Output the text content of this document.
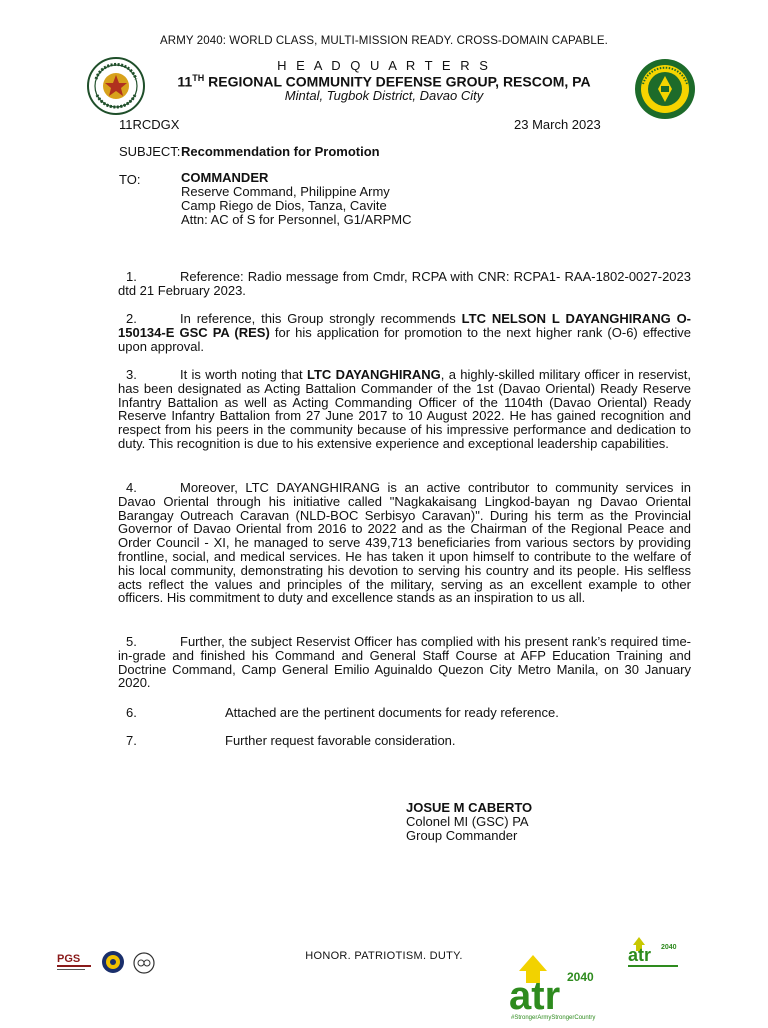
ARMY 2040: WORLD CLASS, MULTI-MISSION READY. CROSS-DOMAIN CAPABLE.
H E A D Q U A R T E R S
11TH REGIONAL COMMUNITY DEFENSE GROUP, RESCOM, PA
Mintal, Tugbok District, Davao City
11RCDGX	23 March 2023
SUBJECT: Recommendation for Promotion
TO:	COMMANDER
Reserve Command, Philippine Army
Camp Riego de Dios, Tanza, Cavite
Attn: AC of S for Personnel, G1/ARPMC
1.	Reference: Radio message from Cmdr, RCPA with CNR: RCPA1- RAA-1802-0027-2023 dtd 21 February 2023.
2.	In reference, this Group strongly recommends LTC NELSON L DAYANGHIRANG O-150134-E GSC PA (RES) for his application for promotion to the next higher rank (O-6) effective upon approval.
3.	It is worth noting that LTC DAYANGHIRANG, a highly-skilled military officer in reservist, has been designated as Acting Battalion Commander of the 1st (Davao Oriental) Ready Reserve Infantry Battalion as well as Acting Commanding Officer of the 1104th (Davao Oriental) Ready Reserve Infantry Battalion from 27 June 2017 to 10 August 2022. He has gained recognition and respect from his peers in the community because of his impressive performance and dedication to duty. This recognition is due to his extensive experience and exceptional leadership capabilities.
4.	Moreover, LTC DAYANGHIRANG is an active contributor to community services in Davao Oriental through his initiative called "Nagkakaisang Lingkod-bayan ng Davao Oriental Barangay Outreach Caravan (NLD-BOC Serbisyo Caravan)". During his term as the Provincial Governor of Davao Oriental from 2016 to 2022 and as the Chairman of the Regional Peace and Order Council - XI, he managed to serve 439,713 beneficiaries from various sectors by providing frontline, social, and medical services. He has taken it upon himself to contribute to the welfare of his local community, demonstrating his devotion to serving his country and its people. His selfless acts reflect the values and principles of the military, serving as an excellent example to other officers. His commitment to duty and excellence stands as an inspiration to us all.
5.	Further, the subject Reservist Officer has complied with his present rank’s required time-in-grade and finished his Command and General Staff Course at AFP Education Training and Doctrine Command, Camp General Emilio Aguinaldo Quezon City Metro Manila, on 30 January 2020.
6.	Attached are the pertinent documents for ready reference.
7.	Further request favorable consideration.
JOSUE M CABERTO
Colonel MI (GSC) PA
Group Commander
PGS	HONOR. PATRIOTISM. DUTY.	atr 2040
atr 2040
#StrongerArmyStrongerCountry
